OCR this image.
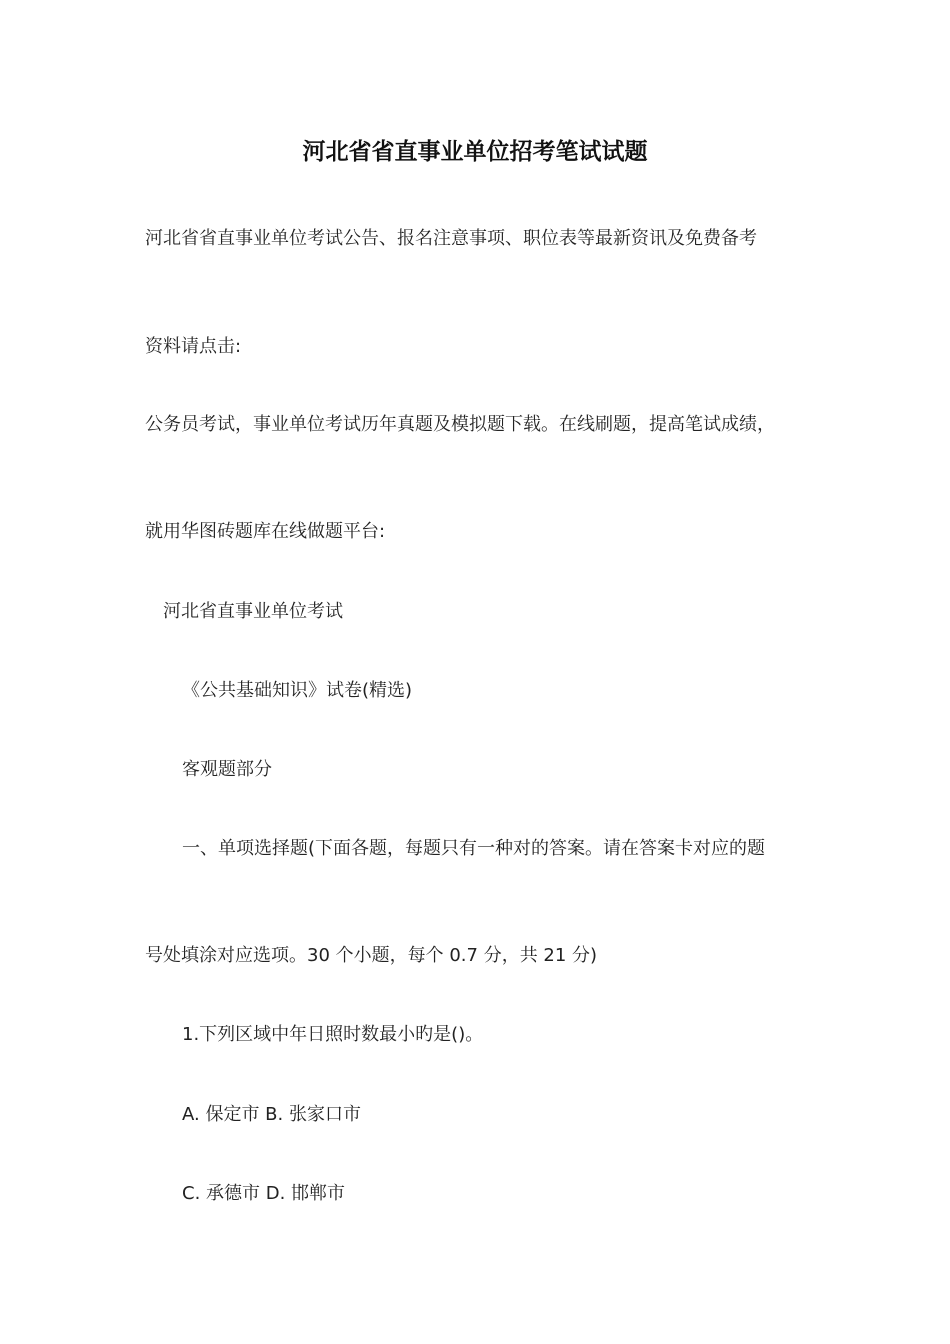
河北省省直事业单位招考笔试试题
河北省省直事业单位考试公告、报名注意事项、职位表等最新资讯及免费备考
资料请点击:
公务员考试，事业单位考试历年真题及模拟题下载。在线刷题，提高笔试成绩，
就用华图砖题库在线做题平台:
河北省直事业单位考试
《公共基础知识》试卷(精选)
客观题部分
一、单项选择题(下面各题，每题只有一种对的答案。请在答案卡对应的题
号处填涂对应选项。30 个小题，每个 0.7 分，共 21 分)
1.下列区域中年日照时数最小旳是()。
A. 保定市 B. 张家口市
C. 承德市 D. 邯郸市
